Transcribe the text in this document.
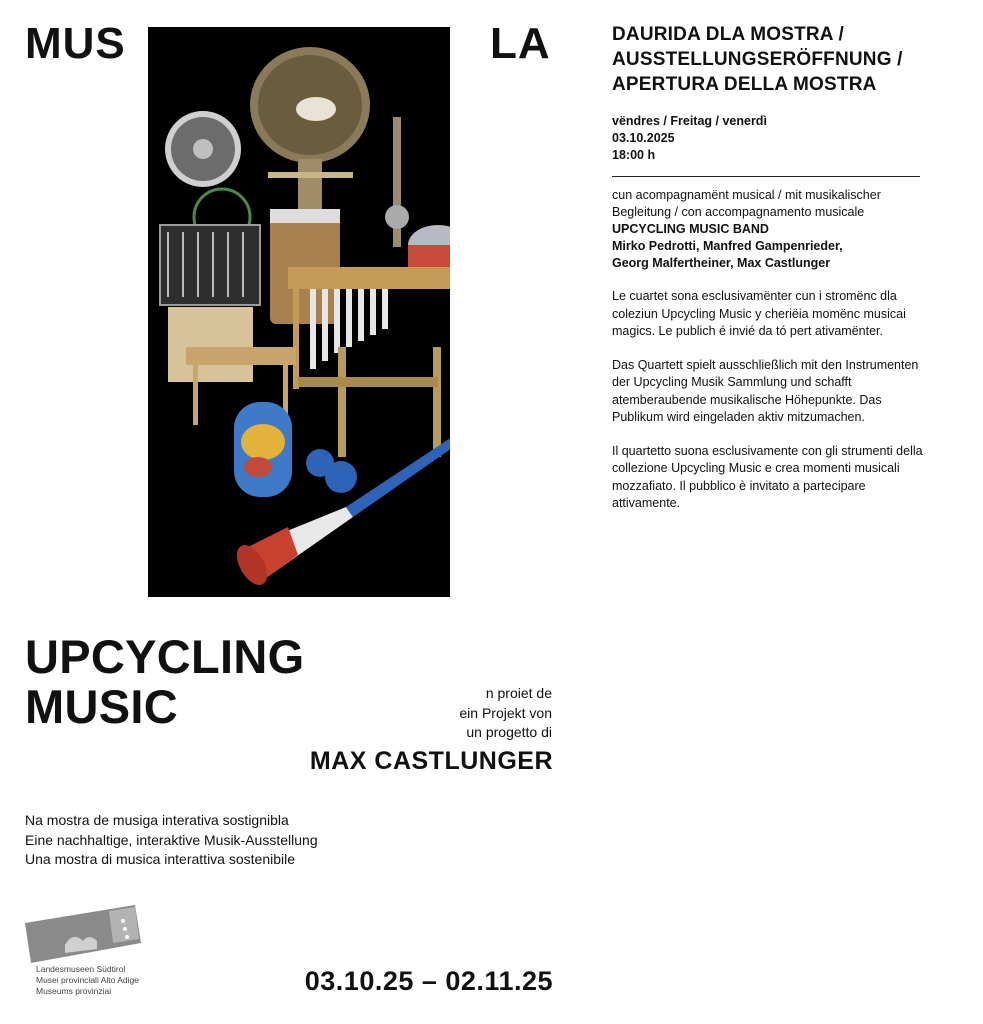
MUS	LA	DAURIDA DLA MOSTRA /
AUSSTELLUNGSERÖFFNUNG /
APERTURA DELLA MOSTRA
vëndres / Freitag / venerdì
03.10.2025
18:00 h
cun acompagnamënt musical / mit musikalischer
Begleitung / con accompagnamento musicale
UPCYCLING MUSIC BAND
Mirko Pedrotti, Manfred Gampenrieder,
Georg Malfertheiner, Max Castlunger

Le cuartet sona esclusivamënter cun i stromënc dla coleziun Upcycling Music y cheriëia momënc musicai magics. Le publich é invié da tó pert ativamënter.

Das Quartett spielt ausschließlich mit den Instrumenten der Upcycling Musik Sammlung und schafft atemberaubende musikalische Höhepunkte. Das Publikum wird eingeladen aktiv mitzumachen.

Il quartetto suona esclusivamente con gli strumenti della collezione Upcycling Music e crea momenti musicali mozzafiato. Il pubblico è invitato a partecipare attivamente.

UPCYCLING
MUSIC	n proiet de
ein Projekt von
un progetto di
MAX CASTLUNGER
Na mostra de musiga interativa sostignibla
Eine nachhaltige, interaktive Musik-Ausstellung
Una mostra di musica interattiva sostenibile
Landesmuseen Südtirol
Musei provinciali Alto Adige
Museums provinziai	03.10.25 – 02.11.25
